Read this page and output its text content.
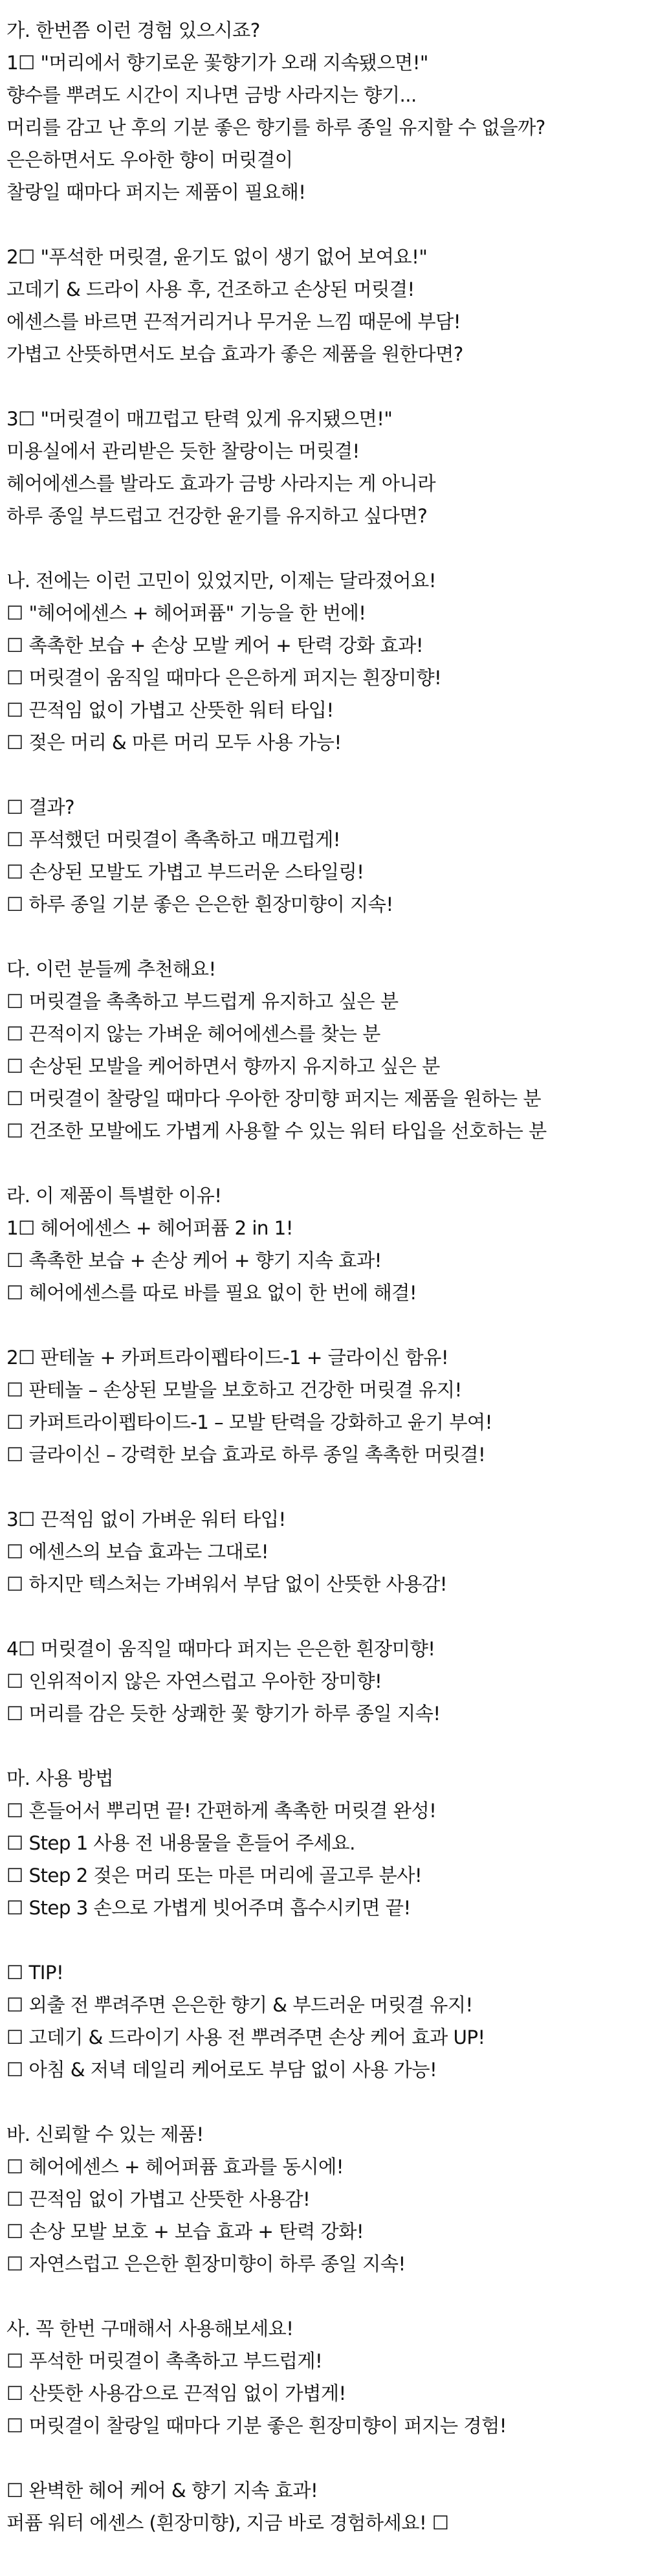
가. 한번쯤 이런 경험 있으시죠?
1☐ "머리에서 향기로운 꽃향기가 오래 지속됐으면!"
향수를 뿌려도 시간이 지나면 금방 사라지는 향기...
머리를 감고 난 후의 기분 좋은 향기를 하루 종일 유지할 수 없을까?
은은하면서도 우아한 향이 머릿결이
찰랑일 때마다 퍼지는 제품이 필요해!
2☐ "푸석한 머릿결, 윤기도 없이 생기 없어 보여요!"
고데기 & 드라이 사용 후, 건조하고 손상된 머릿결!
에센스를 바르면 끈적거리거나 무거운 느낌 때문에 부담!
가볍고 산뜻하면서도 보습 효과가 좋은 제품을 원한다면?
3☐ "머릿결이 매끄럽고 탄력 있게 유지됐으면!"
미용실에서 관리받은 듯한 찰랑이는 머릿결!
헤어에센스를 발라도 효과가 금방 사라지는 게 아니라
하루 종일 부드럽고 건강한 윤기를 유지하고 싶다면?
나. 전에는 이런 고민이 있었지만, 이제는 달라졌어요!
☐ "헤어에센스 + 헤어퍼퓸" 기능을 한 번에!
☐ 촉촉한 보습 + 손상 모발 케어 + 탄력 강화 효과!
☐ 머릿결이 움직일 때마다 은은하게 퍼지는 흰장미향!
☐ 끈적임 없이 가볍고 산뜻한 워터 타입!
☐ 젖은 머리 & 마른 머리 모두 사용 가능!
☐ 결과?
☐ 푸석했던 머릿결이 촉촉하고 매끄럽게!
☐ 손상된 모발도 가볍고 부드러운 스타일링!
☐ 하루 종일 기분 좋은 은은한 흰장미향이 지속!
다. 이런 분들께 추천해요!
☐ 머릿결을 촉촉하고 부드럽게 유지하고 싶은 분
☐ 끈적이지 않는 가벼운 헤어에센스를 찾는 분
☐ 손상된 모발을 케어하면서 향까지 유지하고 싶은 분
☐ 머릿결이 찰랑일 때마다 우아한 장미향 퍼지는 제품을 원하는 분
☐ 건조한 모발에도 가볍게 사용할 수 있는 워터 타입을 선호하는 분
라. 이 제품이 특별한 이유!
1☐ 헤어에센스 + 헤어퍼퓸 2 in 1!
☐ 촉촉한 보습 + 손상 케어 + 향기 지속 효과!
☐ 헤어에센스를 따로 바를 필요 없이 한 번에 해결!
2☐ 판테놀 + 카퍼트라이펩타이드-1 + 글라이신 함유!
☐ 판테놀 – 손상된 모발을 보호하고 건강한 머릿결 유지!
☐ 카퍼트라이펩타이드-1 – 모발 탄력을 강화하고 윤기 부여!
☐ 글라이신 – 강력한 보습 효과로 하루 종일 촉촉한 머릿결!
3☐ 끈적임 없이 가벼운 워터 타입!
☐ 에센스의 보습 효과는 그대로!
☐ 하지만 텍스처는 가벼워서 부담 없이 산뜻한 사용감!
4☐ 머릿결이 움직일 때마다 퍼지는 은은한 흰장미향!
☐ 인위적이지 않은 자연스럽고 우아한 장미향!
☐ 머리를 감은 듯한 상쾌한 꽃 향기가 하루 종일 지속!
마. 사용 방법
☐ 흔들어서 뿌리면 끝! 간편하게 촉촉한 머릿결 완성!
☐ Step 1 사용 전 내용물을 흔들어 주세요.
☐ Step 2 젖은 머리 또는 마른 머리에 골고루 분사!
☐ Step 3 손으로 가볍게 빗어주며 흡수시키면 끝!
☐ TIP!
☐ 외출 전 뿌려주면 은은한 향기 & 부드러운 머릿결 유지!
☐ 고데기 & 드라이기 사용 전 뿌려주면 손상 케어 효과 UP!
☐ 아침 & 저녁 데일리 케어로도 부담 없이 사용 가능!
바. 신뢰할 수 있는 제품!
☐ 헤어에센스 + 헤어퍼퓸 효과를 동시에!
☐ 끈적임 없이 가볍고 산뜻한 사용감!
☐ 손상 모발 보호 + 보습 효과 + 탄력 강화!
☐ 자연스럽고 은은한 흰장미향이 하루 종일 지속!
사. 꼭 한번 구매해서 사용해보세요!
☐ 푸석한 머릿결이 촉촉하고 부드럽게!
☐ 산뜻한 사용감으로 끈적임 없이 가볍게!
☐ 머릿결이 찰랑일 때마다 기분 좋은 흰장미향이 퍼지는 경험!
☐ 완벽한 헤어 케어 & 향기 지속 효과!
퍼퓸 워터 에센스 (흰장미향), 지금 바로 경험하세요! ☐
